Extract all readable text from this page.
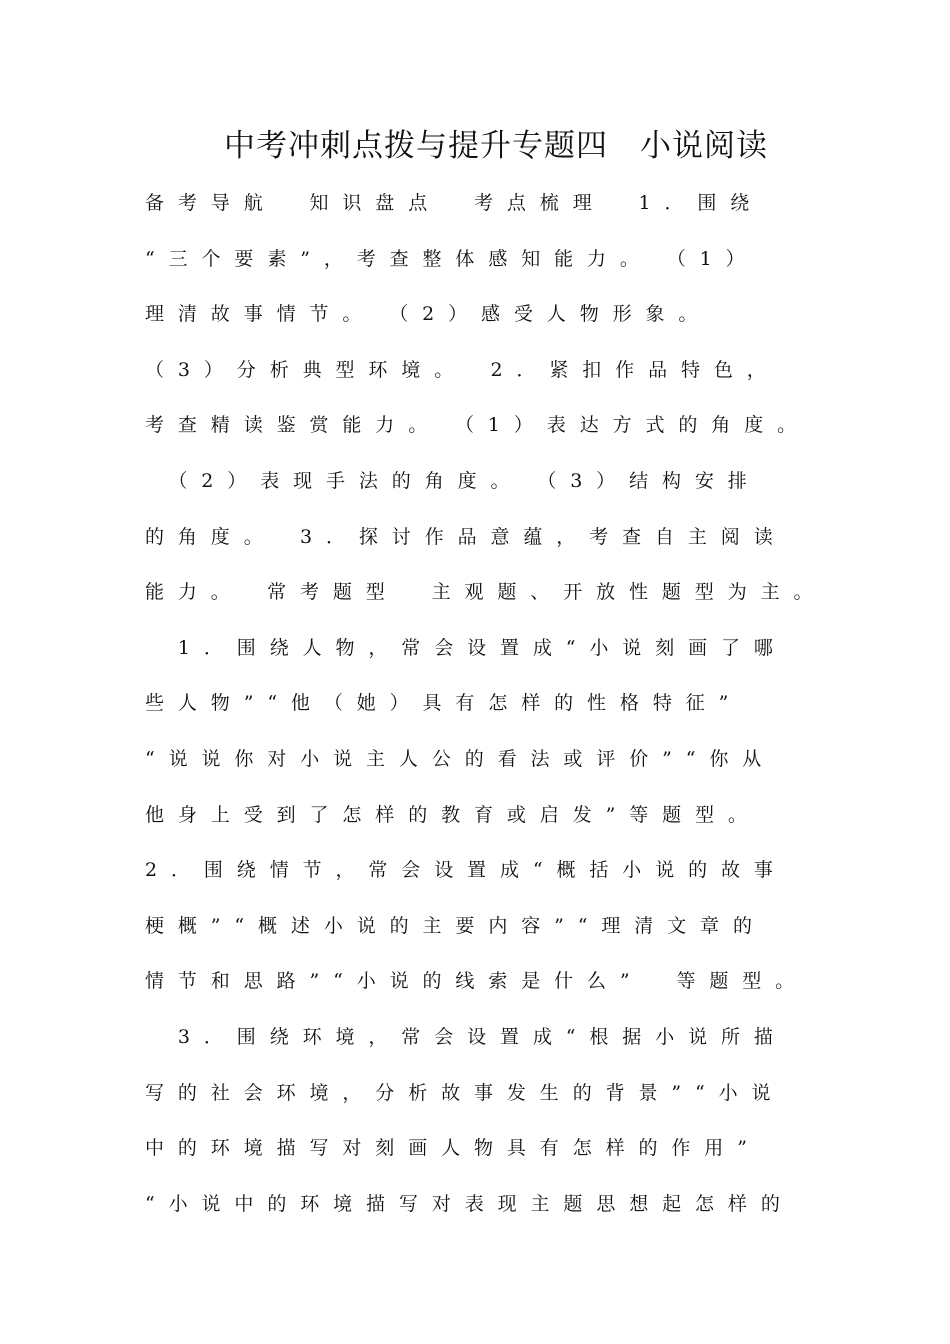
中考冲刺点拨与提升专题四　小说阅读
备考导航　知识盘点　考点梳理　1．围绕
“三个要素”，考查整体感知能力。　（1）
理清故事情节。　（2）感受人物形象。
（3）分析典型环境。　2．紧扣作品特色，
考查精读鉴赏能力。　（1）表达方式的角度。
　（2）表现手法的角度。　（3）结构安排
的角度。　3．探讨作品意蕴，考查自主阅读
能力。　常考题型　主观题、开放性题型为主。
　1．围绕人物，常会设置成“小说刻画了哪
些人物”“他（她）具有怎样的性格特征”
“说说你对小说主人公的看法或评价”“你从
他身上受到了怎样的教育或启发”等题型。
2．围绕情节，常会设置成“概括小说的故事
梗概”“概述小说的主要内容”“理清文章的
情节和思路”“小说的线索是什么”　等题型。
　3．围绕环境，常会设置成“根据小说所描
写的社会环境，分析故事发生的背景”“小说
中的环境描写对刻画人物具有怎样的作用”
“小说中的环境描写对表现主题思想起怎样的
